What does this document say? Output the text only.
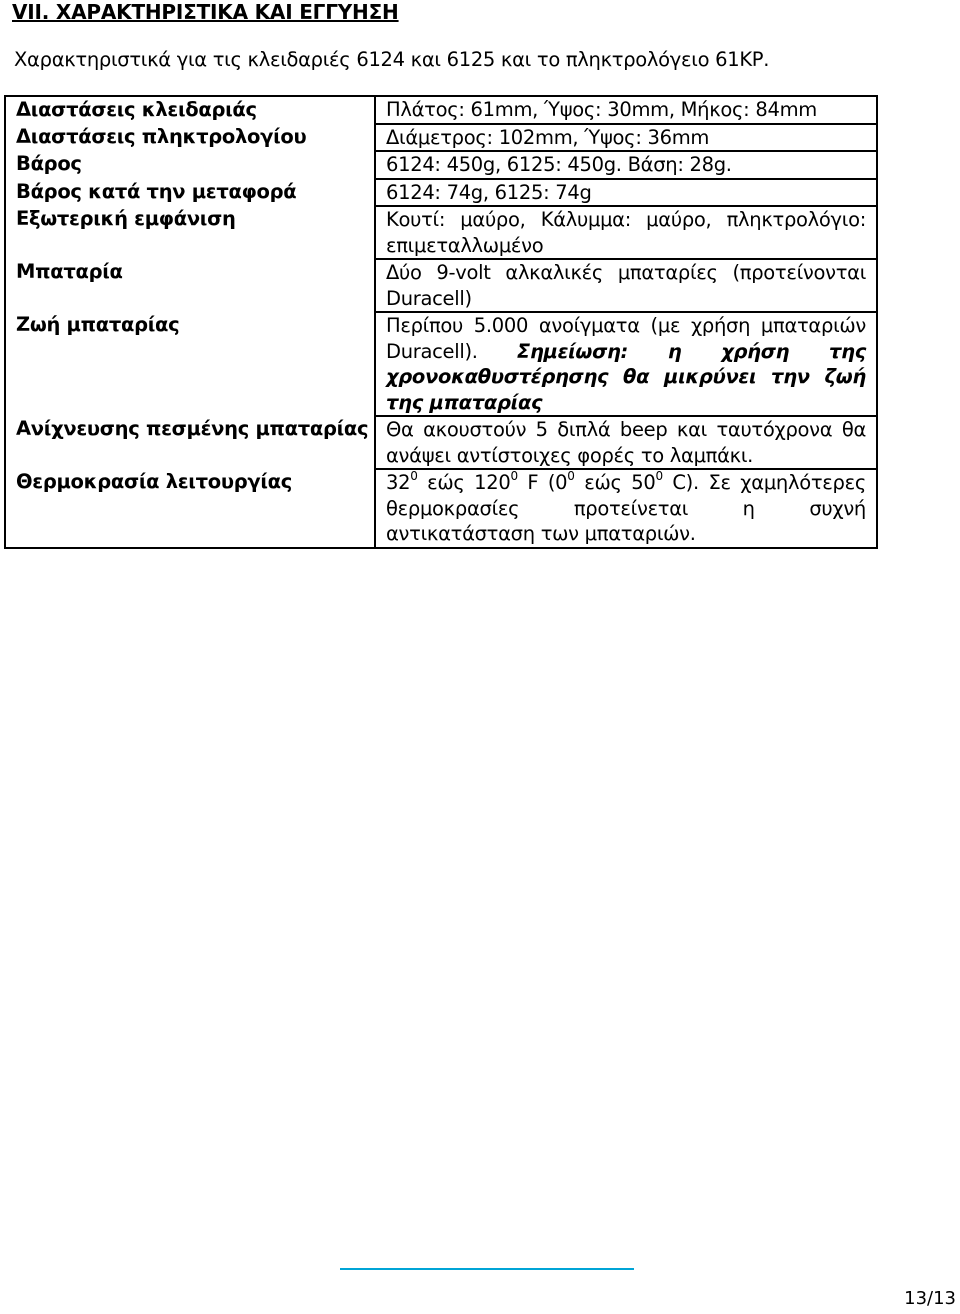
VII. ΧΑΡΑΚΤΗΡΙΣΤΙΚΑ ΚΑΙ ΕΓΓΥΗΣΗ
Χαρακτηριστικά για τις κλειδαριές 6124 και 6125 και το πληκτρολόγειο 61ΚΡ.
Διαστάσεις κλειδαριάς	Πλάτος: 61mm, Ύψος: 30mm, Μήκος: 84mm
Διαστάσεις πληκτρολογίου	Διάμετρος: 102mm, Ύψος: 36mm
Βάρος	6124: 450g, 6125: 450g. Βάση: 28g.
Βάρος κατά την μεταφορά	6124: 74g, 6125: 74g
Εξωτερική εμφάνιση	Κουτί: μαύρο, Κάλυμμα: μαύρο, πληκτρολόγιο: επιμεταλλωμένο
Μπαταρία	Δύο 9-volt αλκαλικές μπαταρίες (προτείνονται Duracell)
Ζωή μπαταρίας	Περίπου 5.000 ανοίγματα (με χρήση μπαταριών Duracell). Σημείωση: η χρήση της χρονοκαθυστέρησης θα μικρύνει την ζωή της μπαταρίας
Ανίχνευσης πεσμένης μπαταρίας	Θα ακουστούν 5 διπλά beep και ταυτόχρονα θα ανάψει αντίστοιχες φορές το λαμπάκι.
Θερμοκρασία λειτουργίας	$32^0$ εώς $120^0$ F ($0^0$ εώς $50^0$ C). Σε χαμηλότερες θερμοκρασίες προτείνεται η συχνή αντικατάσταση των μπαταριών.
13/13
